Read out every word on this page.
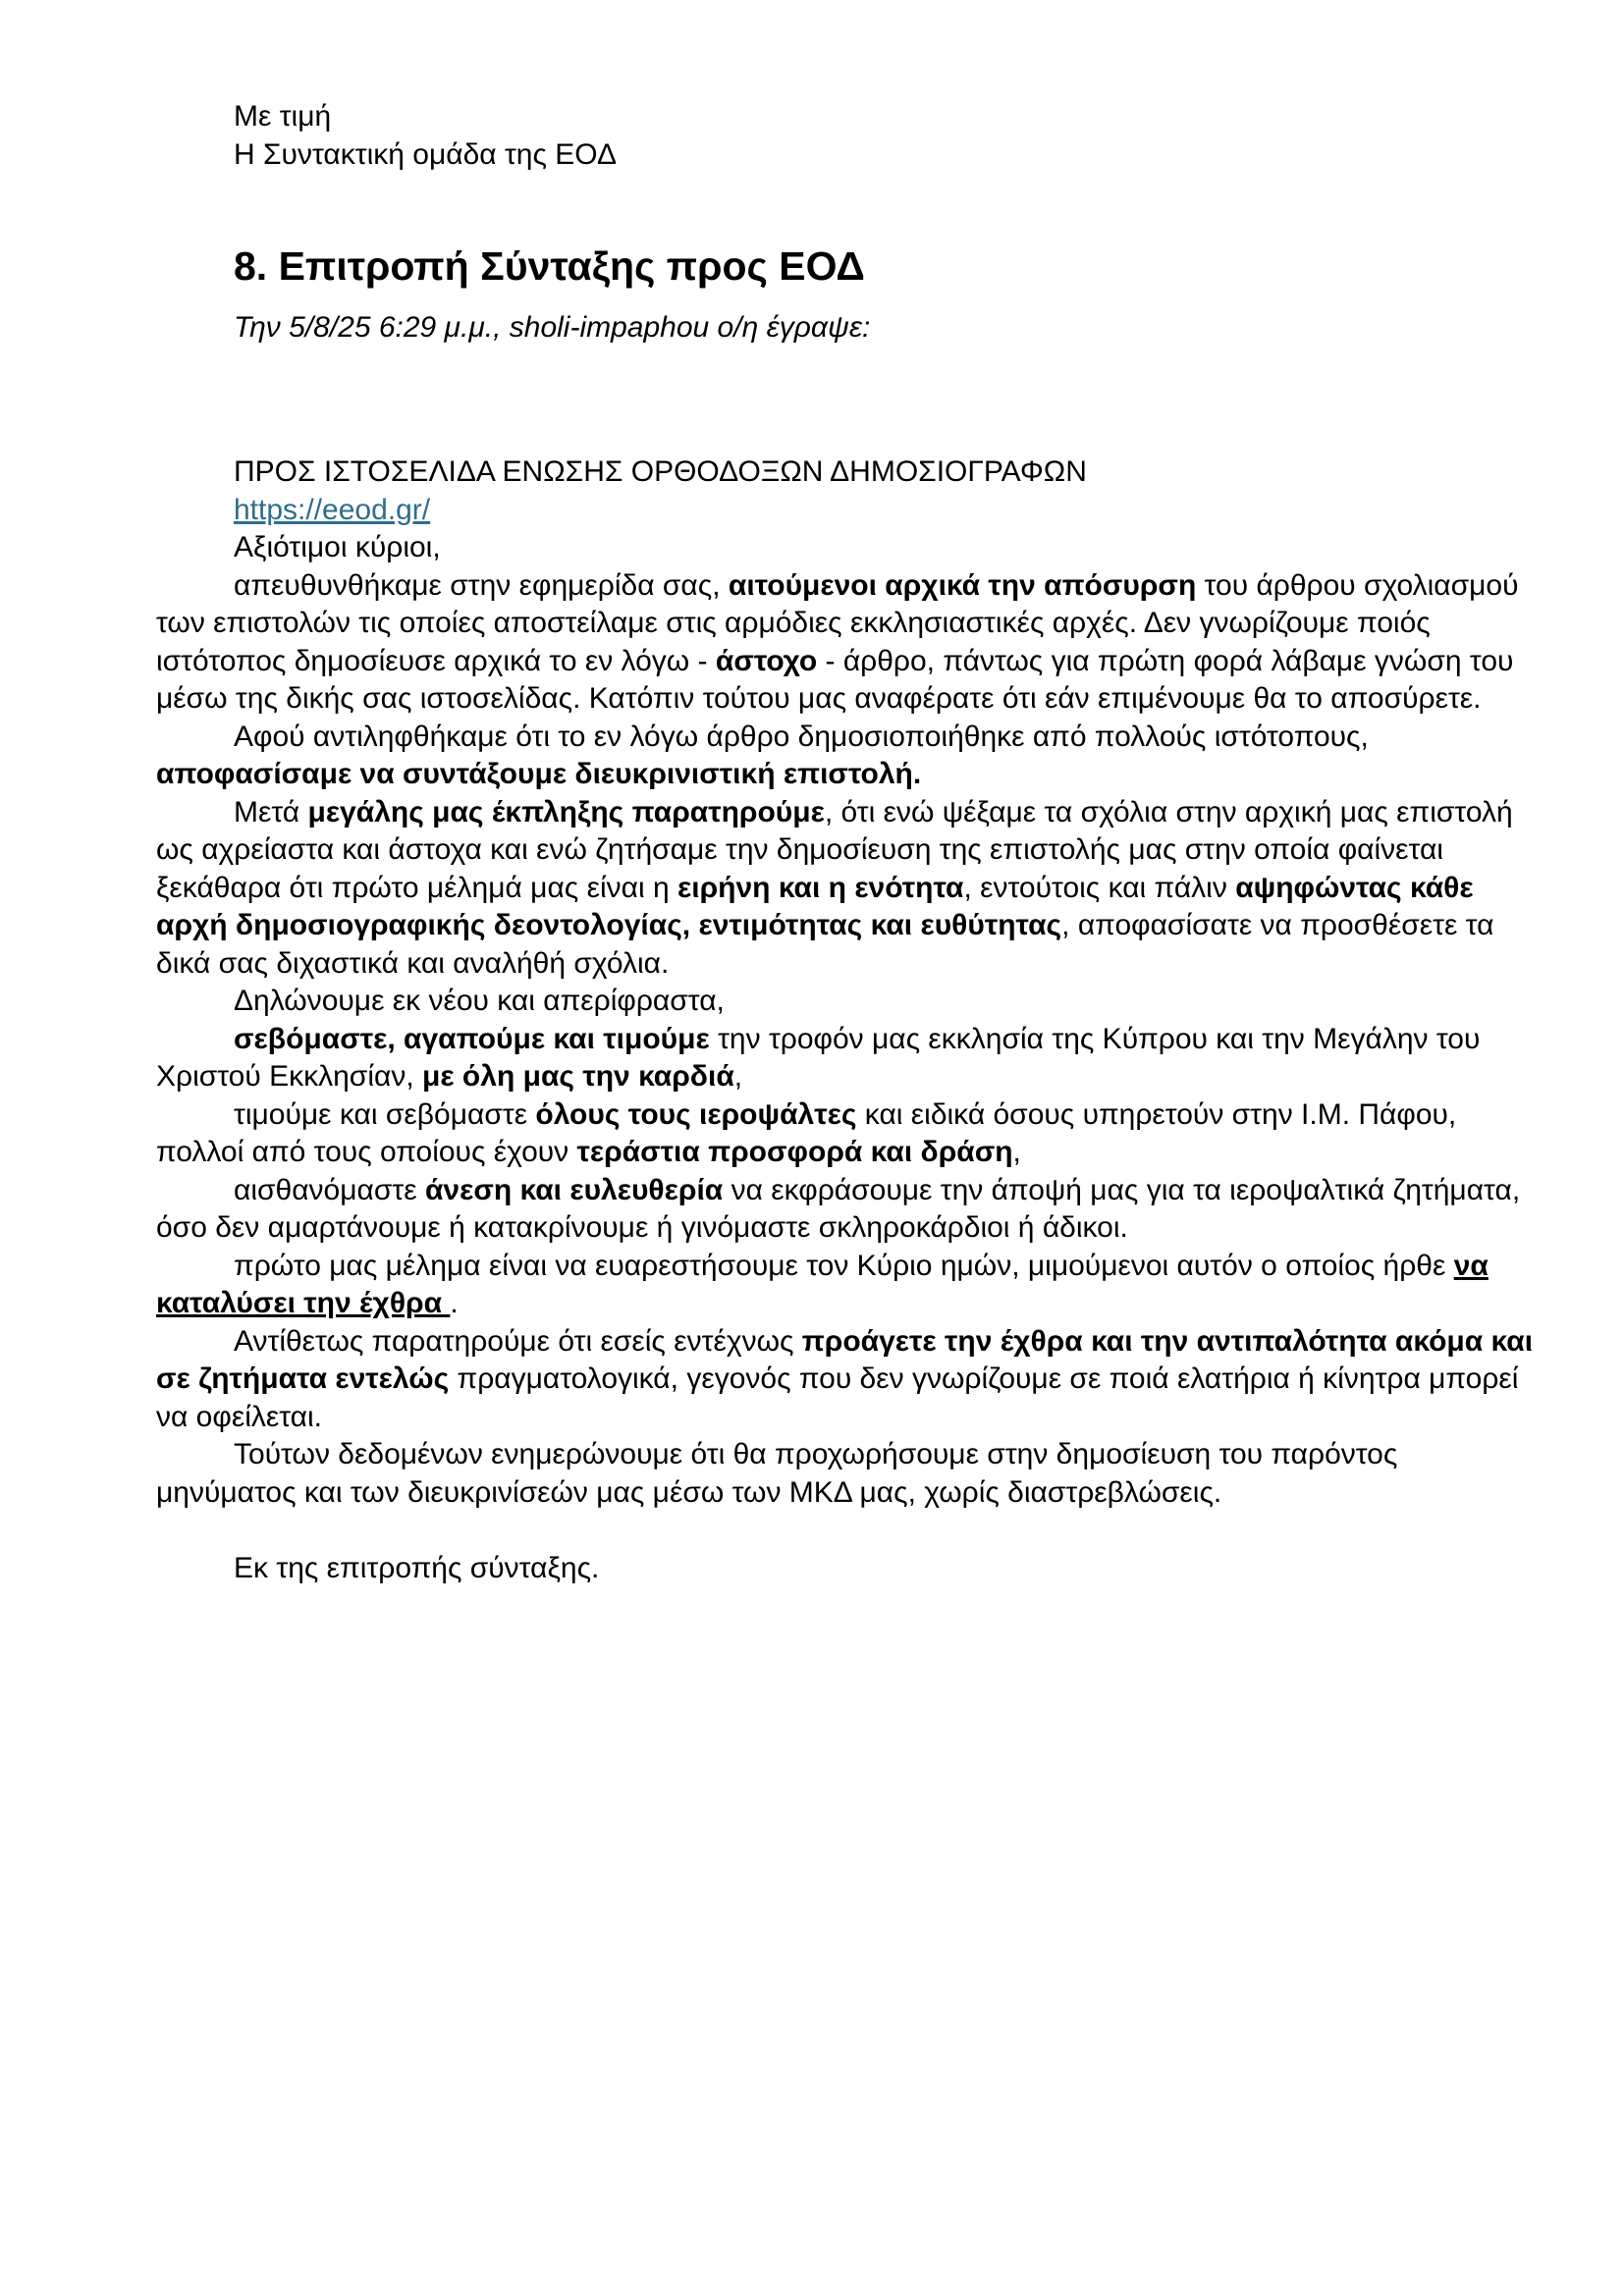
Με τιμή
Η Συντακτική ομάδα της ΕΟΔ
8. Επιτροπή Σύνταξης προς ΕΟΔ
Την 5/8/25 6:29 μ.μ., sholi-impaphou ο/η έγραψε:
ΠΡΟΣ ΙΣΤΟΣΕΛΙΔΑ ΕΝΩΣΗΣ ΟΡΘΟΔΟΞΩΝ ΔΗΜΟΣΙΟΓΡΑΦΩΝ
https://eeod.gr/
Αξιότιμοι κύριοι,
απευθυνθήκαμε στην εφημερίδα σας, αιτούμενοι αρχικά την απόσυρση του άρθρου σχολιασμού των επιστολών τις οποίες αποστείλαμε στις αρμόδιες εκκλησιαστικές αρχές. Δεν γνωρίζουμε ποιός ιστότοπος δημοσίευσε αρχικά το εν λόγω - άστοχο - άρθρο, πάντως για πρώτη φορά λάβαμε γνώση του μέσω της δικής σας ιστοσελίδας. Κατόπιν τούτου μας αναφέρατε ότι εάν επιμένουμε θα το αποσύρετε.
Αφού αντιληφθήκαμε ότι το εν λόγω άρθρο δημοσιοποιήθηκε από πολλούς ιστότοπους, αποφασίσαμε να συντάξουμε διευκρινιστική επιστολή.
Μετά μεγάλης μας έκπληξης παρατηρούμε, ότι ενώ ψέξαμε τα σχόλια στην αρχική μας επιστολή ως αχρείαστα και άστοχα και ενώ ζητήσαμε την δημοσίευση της επιστολής μας στην οποία φαίνεται ξεκάθαρα ότι πρώτο μέλημά μας είναι η ειρήνη και η ενότητα, εντούτοις και πάλιν αψηφώντας κάθε αρχή δημοσιογραφικής δεοντολογίας, εντιμότητας και ευθύτητας, αποφασίσατε να προσθέσετε τα δικά σας διχαστικά και αναλήθή σχόλια.
Δηλώνουμε εκ νέου και απερίφραστα,
σεβόμαστε, αγαπούμε και τιμούμε την τροφόν μας εκκλησία της Κύπρου και την Μεγάλην του Χριστού Εκκλησίαν, με όλη μας την καρδιά,
τιμούμε και σεβόμαστε όλους τους ιεροψάλτες και ειδικά όσους υπηρετούν στην Ι.Μ. Πάφου, πολλοί από τους οποίους έχουν τεράστια προσφορά και δράση,
αισθανόμαστε άνεση και ευλευθερία να εκφράσουμε την άποψή μας για τα ιεροψαλτικά ζητήματα, όσο δεν αμαρτάνουμε ή κατακρίνουμε ή γινόμαστε σκληροκάρδιοι ή άδικοι.
πρώτο μας μέλημα είναι να ευαρεστήσουμε τον Κύριο ημών, μιμούμενοι αυτόν ο οποίος ήρθε να καταλύσει την έχθρα .
Αντίθετως παρατηρούμε ότι εσείς εντέχνως προάγετε την έχθρα και την αντιπαλότητα ακόμα και σε ζητήματα εντελώς πραγματολογικά, γεγονός που δεν γνωρίζουμε σε ποιά ελατήρια ή κίνητρα μπορεί να οφείλεται.
Τούτων δεδομένων ενημερώνουμε ότι θα προχωρήσουμε στην δημοσίευση του παρόντος μηνύματος και των διευκρινίσεών μας μέσω των ΜΚΔ μας, χωρίς διαστρεβλώσεις.
Εκ της επιτροπής σύνταξης.
